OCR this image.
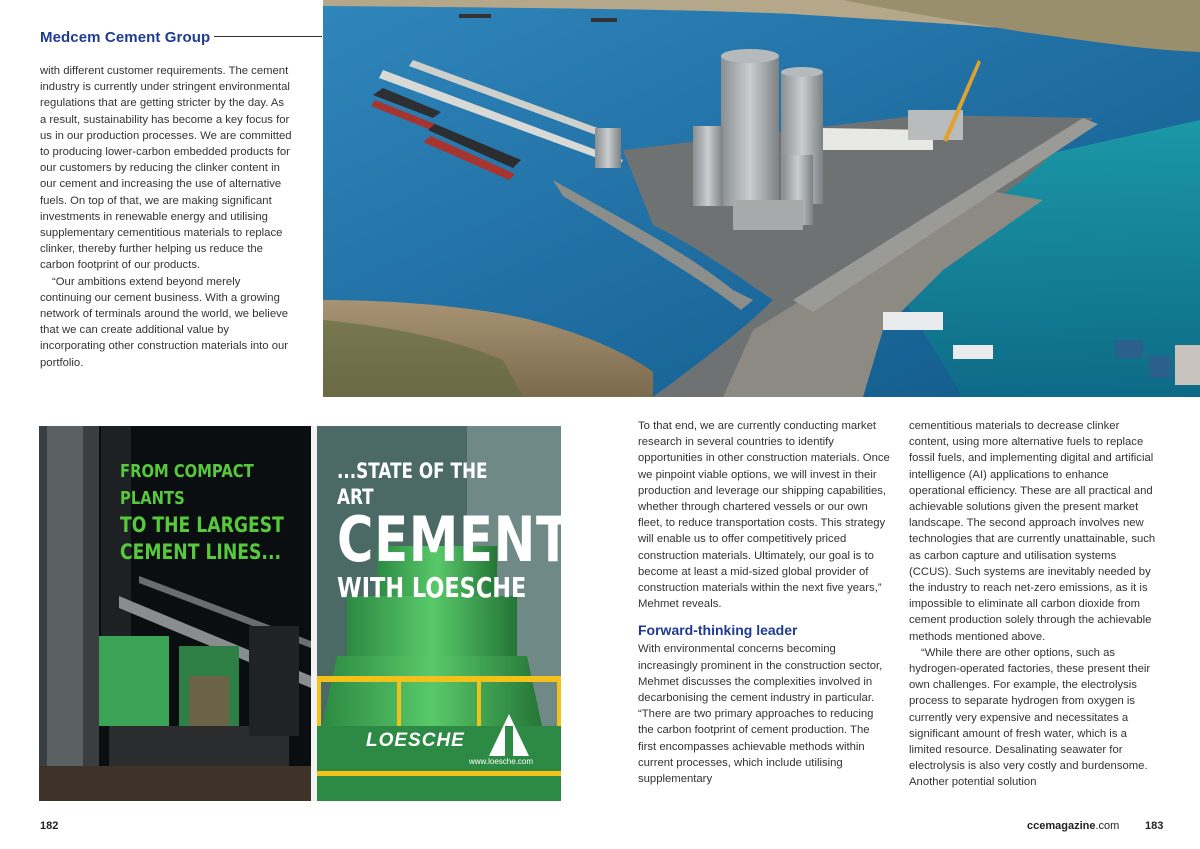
Medcem Cement Group

with different customer requirements. The cement industry is currently under stringent environmental regulations that are getting stricter by the day. As a result, sustainability has become a key focus for us in our production processes. We are committed to producing lower-carbon embedded products for our customers by reducing the clinker content in our cement and increasing the use of alternative fuels. On top of that, we are making significant investments in renewable energy and utilising supplementary cementitious materials to replace clinker, thereby further helping us reduce the carbon footprint of our products.

“Our ambitions extend beyond merely continuing our cement business. With a growing network of terminals around the world, we believe that we can create additional value by incorporating other construction materials into our portfolio.

FROM COMPACT PLANTS
TO THE LARGEST
CEMENT LINES...
...STATE OF THE ART
CEMENT
WITH LOESCHE
LOESCHE
www.loesche.com

To that end, we are currently conducting market research in several countries to identify opportunities in other construction materials. Once we pinpoint viable options, we will invest in their production and leverage our shipping capabilities, whether through chartered vessels or our own fleet, to reduce transportation costs. This strategy will enable us to offer competitively priced construction materials. Ultimately, our goal is to become at least a mid-sized global provider of construction materials within the next five years,” Mehmet reveals.

Forward-thinking leader

With environmental concerns becoming increasingly prominent in the construction sector, Mehmet discusses the complexities involved in decarbonising the cement industry in particular. “There are two primary approaches to reducing the carbon footprint of cement production. The first encompasses achievable methods within current processes, which include utilising supplementary

cementitious materials to decrease clinker content, using more alternative fuels to replace fossil fuels, and implementing digital and artificial intelligence (AI) applications to enhance operational efficiency. These are all practical and achievable solutions given the present market landscape. The second approach involves new technologies that are currently unattainable, such as carbon capture and utilisation systems (CCUS). Such systems are inevitably needed by the industry to reach net-zero emissions, as it is impossible to eliminate all carbon dioxide from cement production solely through the achievable methods mentioned above.

“While there are other options, such as hydrogen-operated factories, these present their own challenges. For example, the electrolysis process to separate hydrogen from oxygen is currently very expensive and necessitates a significant amount of fresh water, which is a limited resource. Desalinating seawater for electrolysis is also very costly and burdensome. Another potential solution

182	ccemagazine.com 183
